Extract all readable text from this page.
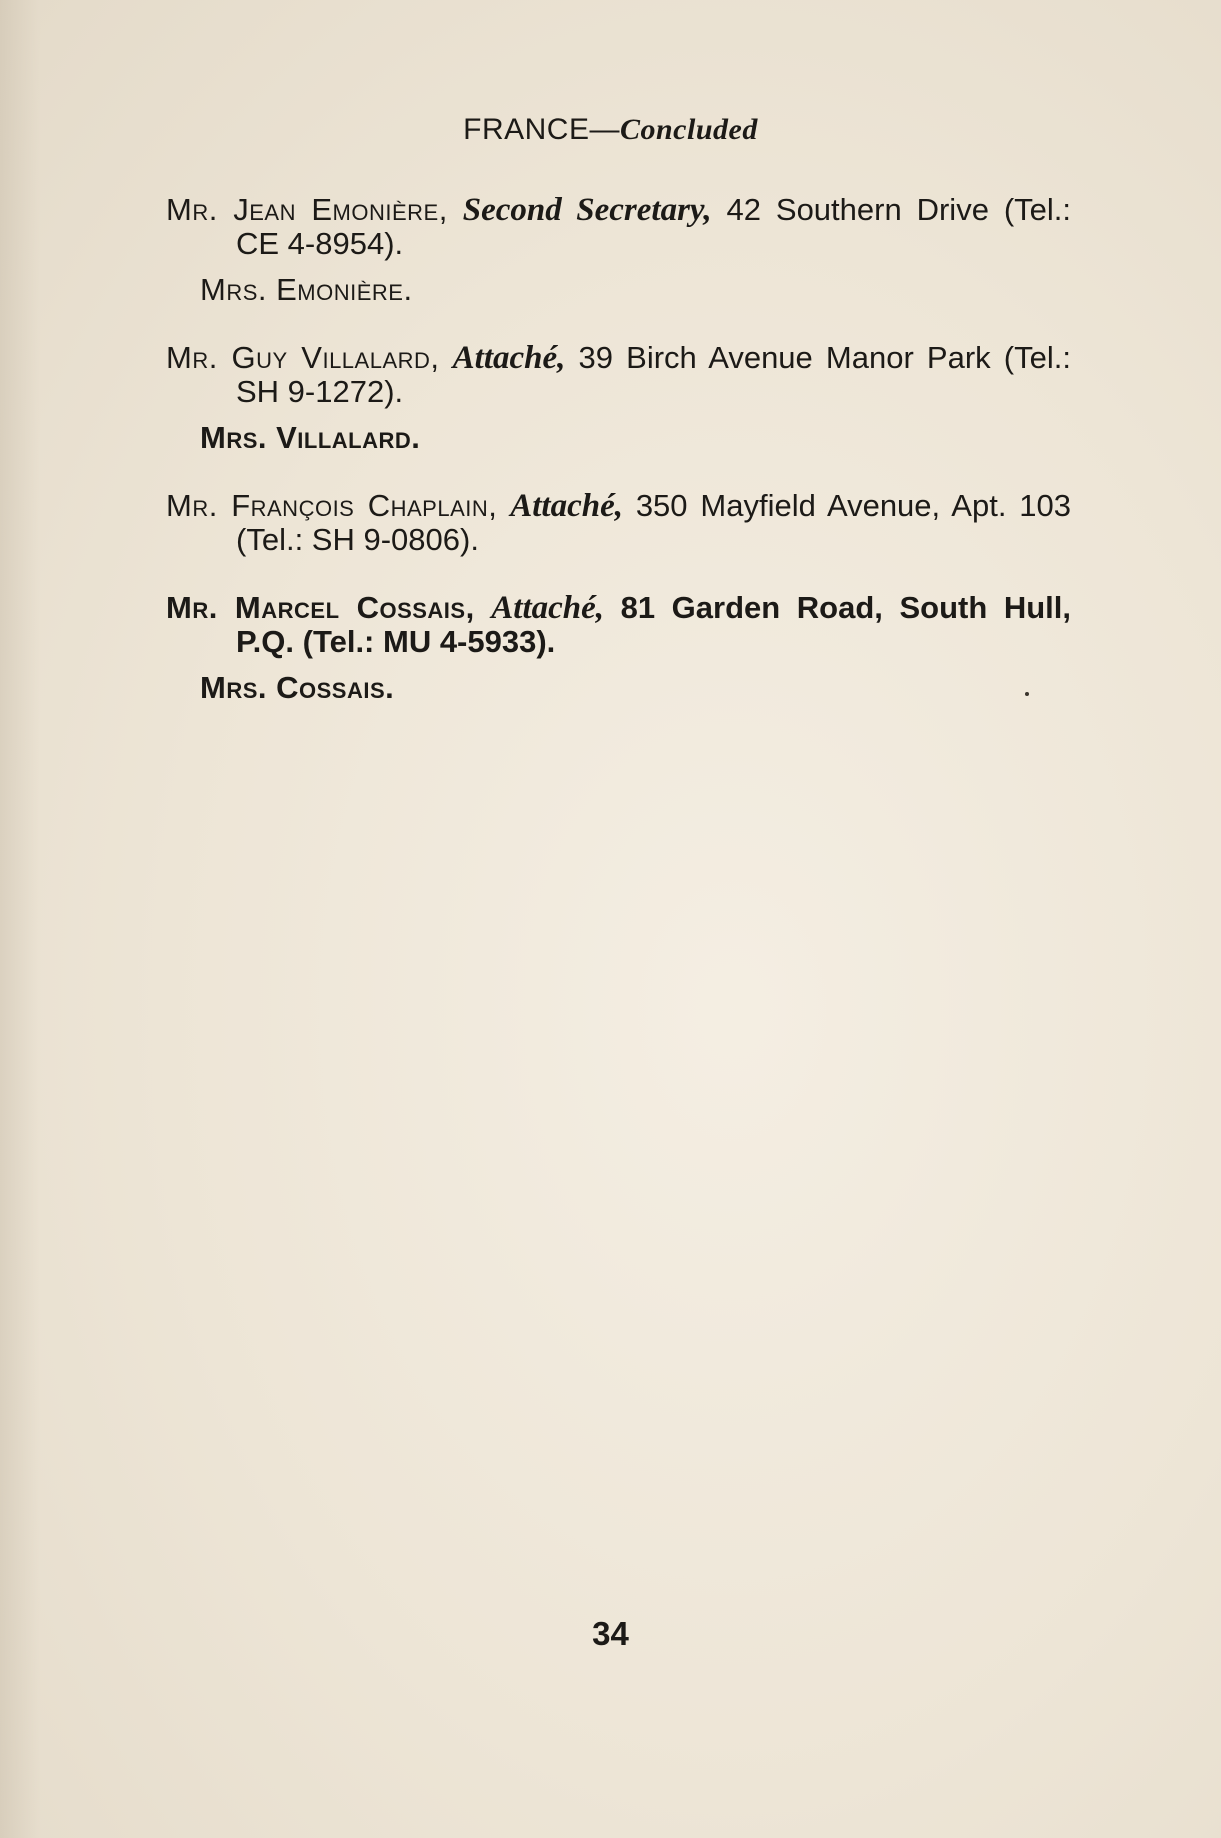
FRANCE—Concluded
Mr. Jean Emonière, Second Secretary, 42 Southern Drive (Tel.: CE 4-8954).
Mrs. Emonière.
Mr. Guy Villalard, Attaché, 39 Birch Avenue Manor Park (Tel.: SH 9-1272).
Mrs. Villalard.
Mr. François Chaplain, Attaché, 350 Mayfield Avenue, Apt. 103 (Tel.: SH 9-0806).
Mr. Marcel Cossais, Attaché, 81 Garden Road, South Hull, P.Q. (Tel.: MU 4-5933).
Mrs. Cossais.
34
